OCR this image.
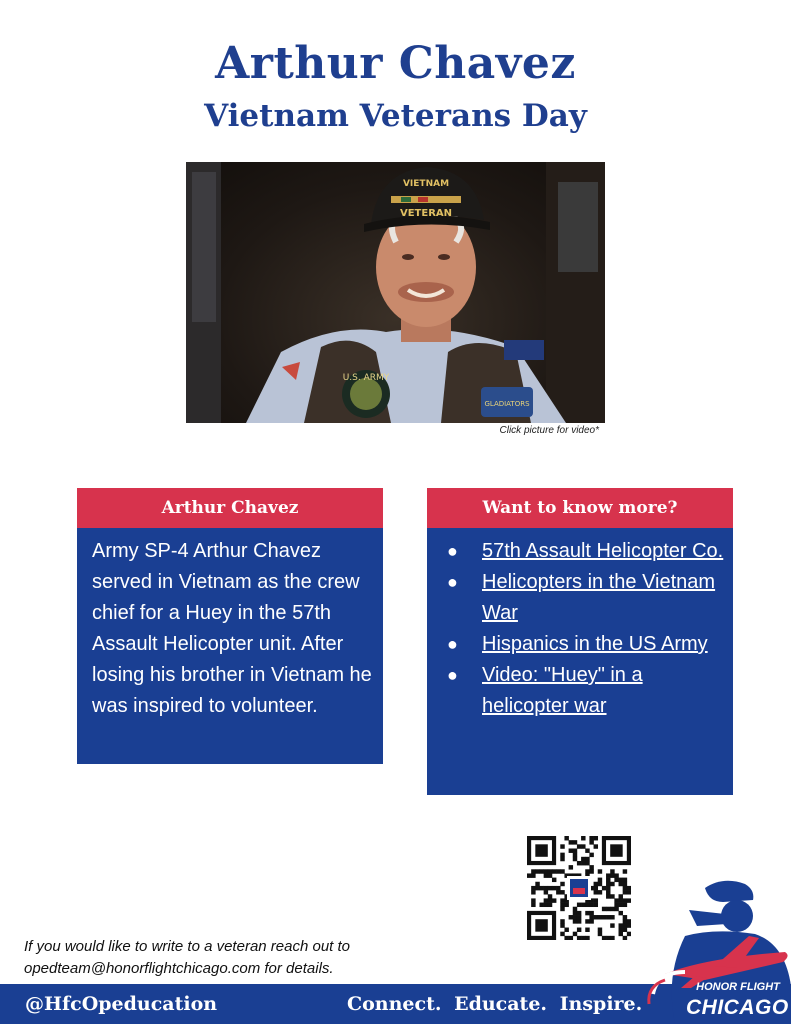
Arthur Chavez
Vietnam Veterans Day
U.S. ARMY
GLADIATORS
VIETNAM
VETERAN
Click picture for video*
Arthur Chavez

Army SP-4 Arthur Chavez served in Vietnam as the crew chief for a Huey in the 57th Assault Helicopter unit. After losing his brother in Vietnam he was inspired to volunteer.

Want to know more?
● 57th Assault Helicopter Co.
● Helicopters in the Vietnam War
● Hispanics in the US Army
● Video: "Huey" in a helicopter war
If you would like to write to a veteran reach out to
opedteam@honorflightchicago.com for details.
@HfcOpeducation	Connect. Educate. Inspire.
HONOR FLIGHT
CHICAGO
